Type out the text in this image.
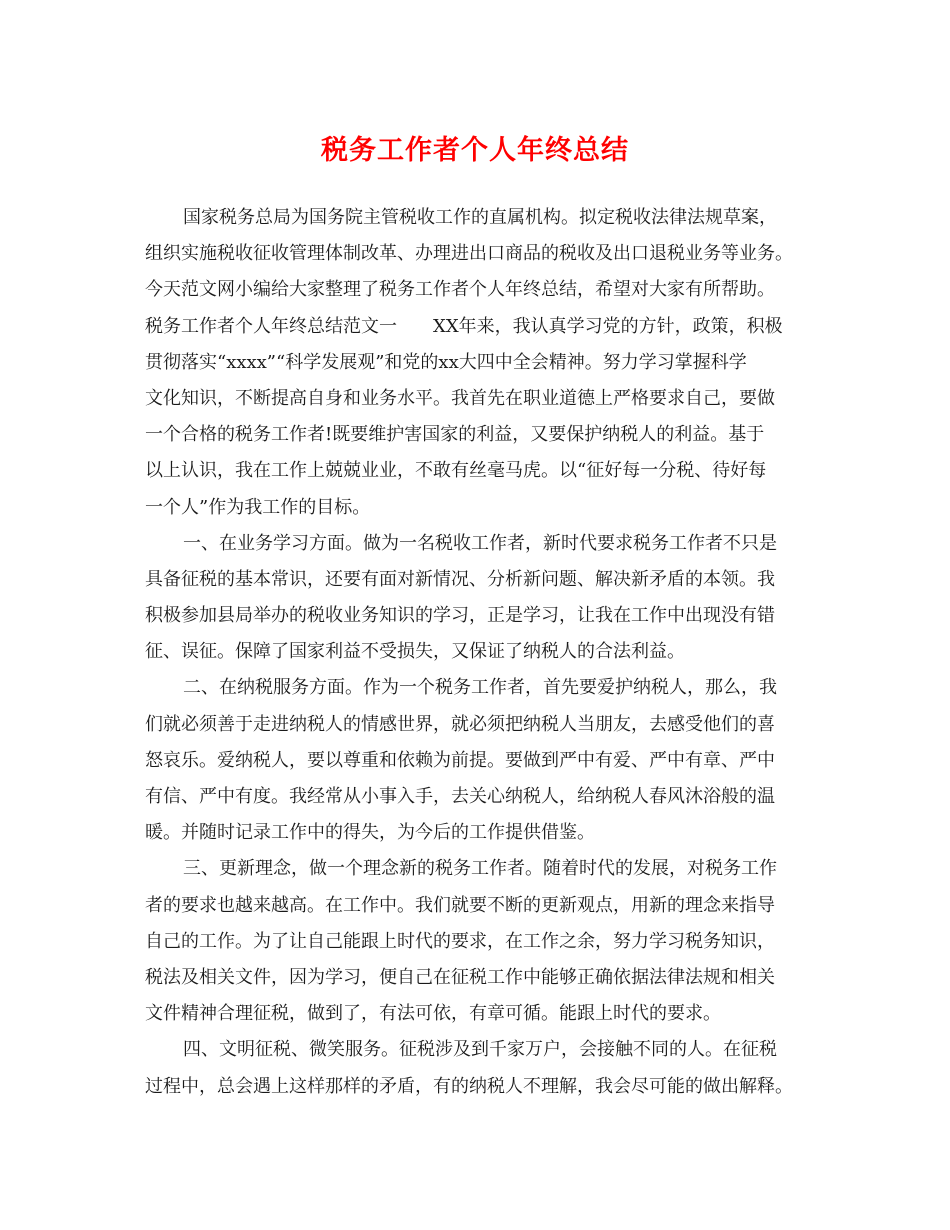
税务工作者个人年终总结

国家税务总局为国务院主管税收工作的直属机构。拟定税收法律法规草案，

组织实施税收征收管理体制改革、办理进出口商品的税收及出口退税业务等业务。

今天范文网小编给大家整理了税务工作者个人年终总结，希望对大家有所帮助。

税务工作者个人年终总结范文一　　XX年来，我认真学习党的方针，政策，积极

贯彻落实“xxxx”“科学发展观”和党的xx大四中全会精神。努力学习掌握科学

文化知识，不断提高自身和业务水平。我首先在职业道德上严格要求自己，要做

一个合格的税务工作者!既要维护害国家的利益，又要保护纳税人的利益。基于

以上认识，我在工作上兢兢业业，不敢有丝毫马虎。以“征好每一分税、待好每

一个人”作为我工作的目标。

一、在业务学习方面。做为一名税收工作者，新时代要求税务工作者不只是

具备征税的基本常识，还要有面对新情况、分析新问题、解决新矛盾的本领。我

积极参加县局举办的税收业务知识的学习，正是学习，让我在工作中出现没有错

征、误征。保障了国家利益不受损失，又保证了纳税人的合法利益。

二、在纳税服务方面。作为一个税务工作者，首先要爱护纳税人，那么，我

们就必须善于走进纳税人的情感世界，就必须把纳税人当朋友，去感受他们的喜

怒哀乐。爱纳税人，要以尊重和依赖为前提。要做到严中有爱、严中有章、严中

有信、严中有度。我经常从小事入手，去关心纳税人，给纳税人春风沐浴般的温

暖。并随时记录工作中的得失，为今后的工作提供借鉴。

三、更新理念，做一个理念新的税务工作者。随着时代的发展，对税务工作

者的要求也越来越高。在工作中。我们就要不断的更新观点，用新的理念来指导

自己的工作。为了让自己能跟上时代的要求，在工作之余，努力学习税务知识，

税法及相关文件，因为学习，便自己在征税工作中能够正确依据法律法规和相关

文件精神合理征税，做到了，有法可依，有章可循。能跟上时代的要求。

四、文明征税、微笑服务。征税涉及到千家万户，会接触不同的人。在征税

过程中，总会遇上这样那样的矛盾，有的纳税人不理解，我会尽可能的做出解释。
